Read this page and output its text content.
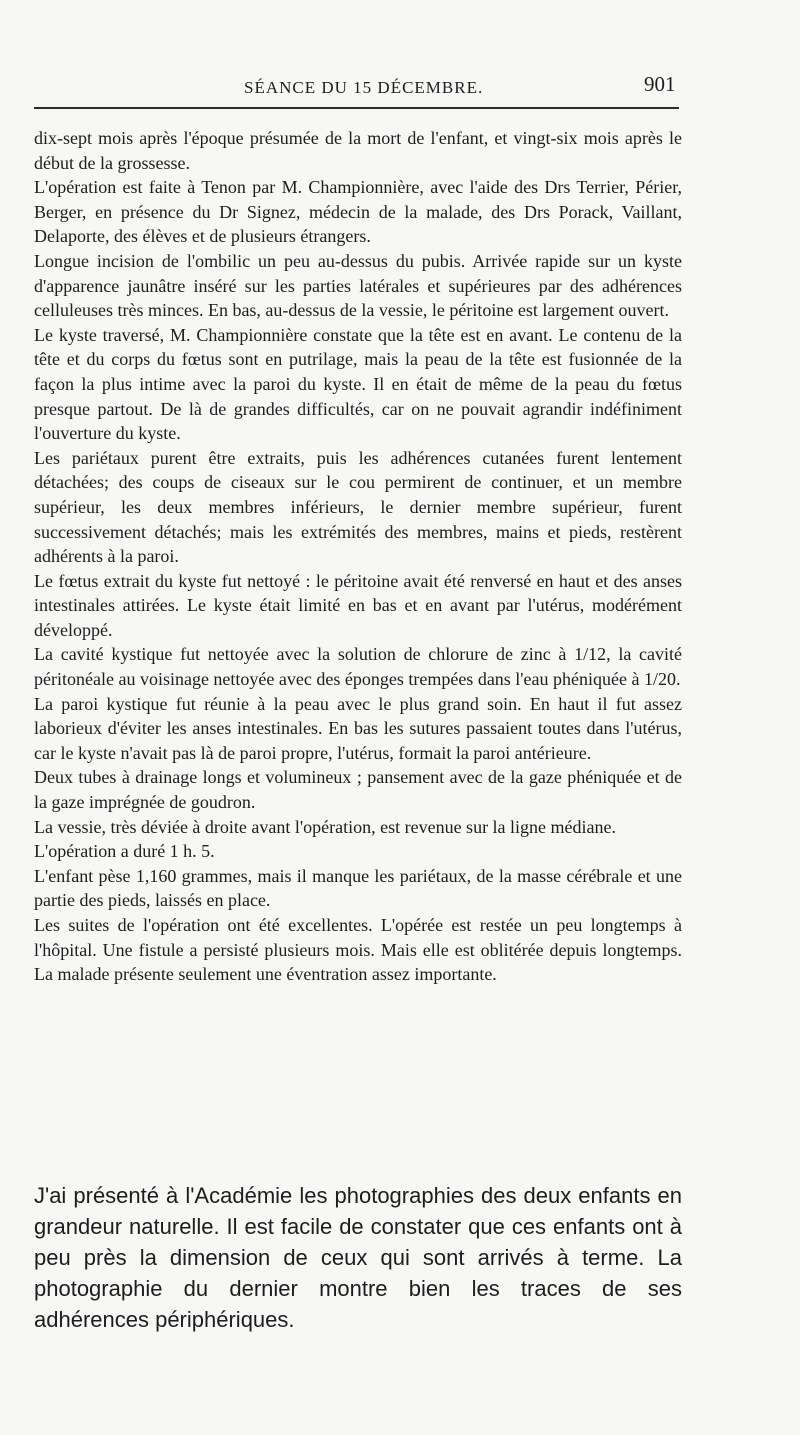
SÉANCE DU 15 DÉCEMBRE.	901

dix-sept mois après l'époque présumée de la mort de l'enfant, et vingt-six mois après le début de la grossesse.

L'opération est faite à Tenon par M. Championnière, avec l'aide des Drs Terrier, Périer, Berger, en présence du Dr Signez, médecin de la malade, des Drs Porack, Vaillant, Delaporte, des élèves et de plusieurs étrangers.

Longue incision de l'ombilic un peu au-dessus du pubis. Arrivée rapide sur un kyste d'apparence jaunâtre inséré sur les parties latérales et supérieures par des adhérences celluleuses très minces. En bas, au-dessus de la vessie, le péritoine est largement ouvert.

Le kyste traversé, M. Championnière constate que la tête est en avant. Le contenu de la tête et du corps du fœtus sont en putrilage, mais la peau de la tête est fusionnée de la façon la plus intime avec la paroi du kyste. Il en était de même de la peau du fœtus presque partout. De là de grandes difficultés, car on ne pouvait agrandir indéfiniment l'ouverture du kyste.

Les pariétaux purent être extraits, puis les adhérences cutanées furent lentement détachées; des coups de ciseaux sur le cou permirent de continuer, et un membre supérieur, les deux membres inférieurs, le dernier membre supérieur, furent successivement détachés; mais les extrémités des membres, mains et pieds, restèrent adhérents à la paroi.

Le fœtus extrait du kyste fut nettoyé : le péritoine avait été renversé en haut et des anses intestinales attirées. Le kyste était limité en bas et en avant par l'utérus, modérément développé.

La cavité kystique fut nettoyée avec la solution de chlorure de zinc à 1/12, la cavité péritonéale au voisinage nettoyée avec des éponges trempées dans l'eau phéniquée à 1/20.

La paroi kystique fut réunie à la peau avec le plus grand soin. En haut il fut assez laborieux d'éviter les anses intestinales. En bas les sutures passaient toutes dans l'utérus, car le kyste n'avait pas là de paroi propre, l'utérus, formait la paroi antérieure.

Deux tubes à drainage longs et volumineux ; pansement avec de la gaze phéniquée et de la gaze imprégnée de goudron.

La vessie, très déviée à droite avant l'opération, est revenue sur la ligne médiane.

L'opération a duré 1 h. 5.

L'enfant pèse 1,160 grammes, mais il manque les pariétaux, de la masse cérébrale et une partie des pieds, laissés en place.

Les suites de l'opération ont été excellentes. L'opérée est restée un peu longtemps à l'hôpital. Une fistule a persisté plusieurs mois. Mais elle est oblitérée depuis longtemps. La malade présente seulement une éventration assez importante.

J'ai présenté à l'Académie les photographies des deux enfants en grandeur naturelle. Il est facile de constater que ces enfants ont à peu près la dimension de ceux qui sont arrivés à terme. La photographie du dernier montre bien les traces de ses adhérences périphériques.
